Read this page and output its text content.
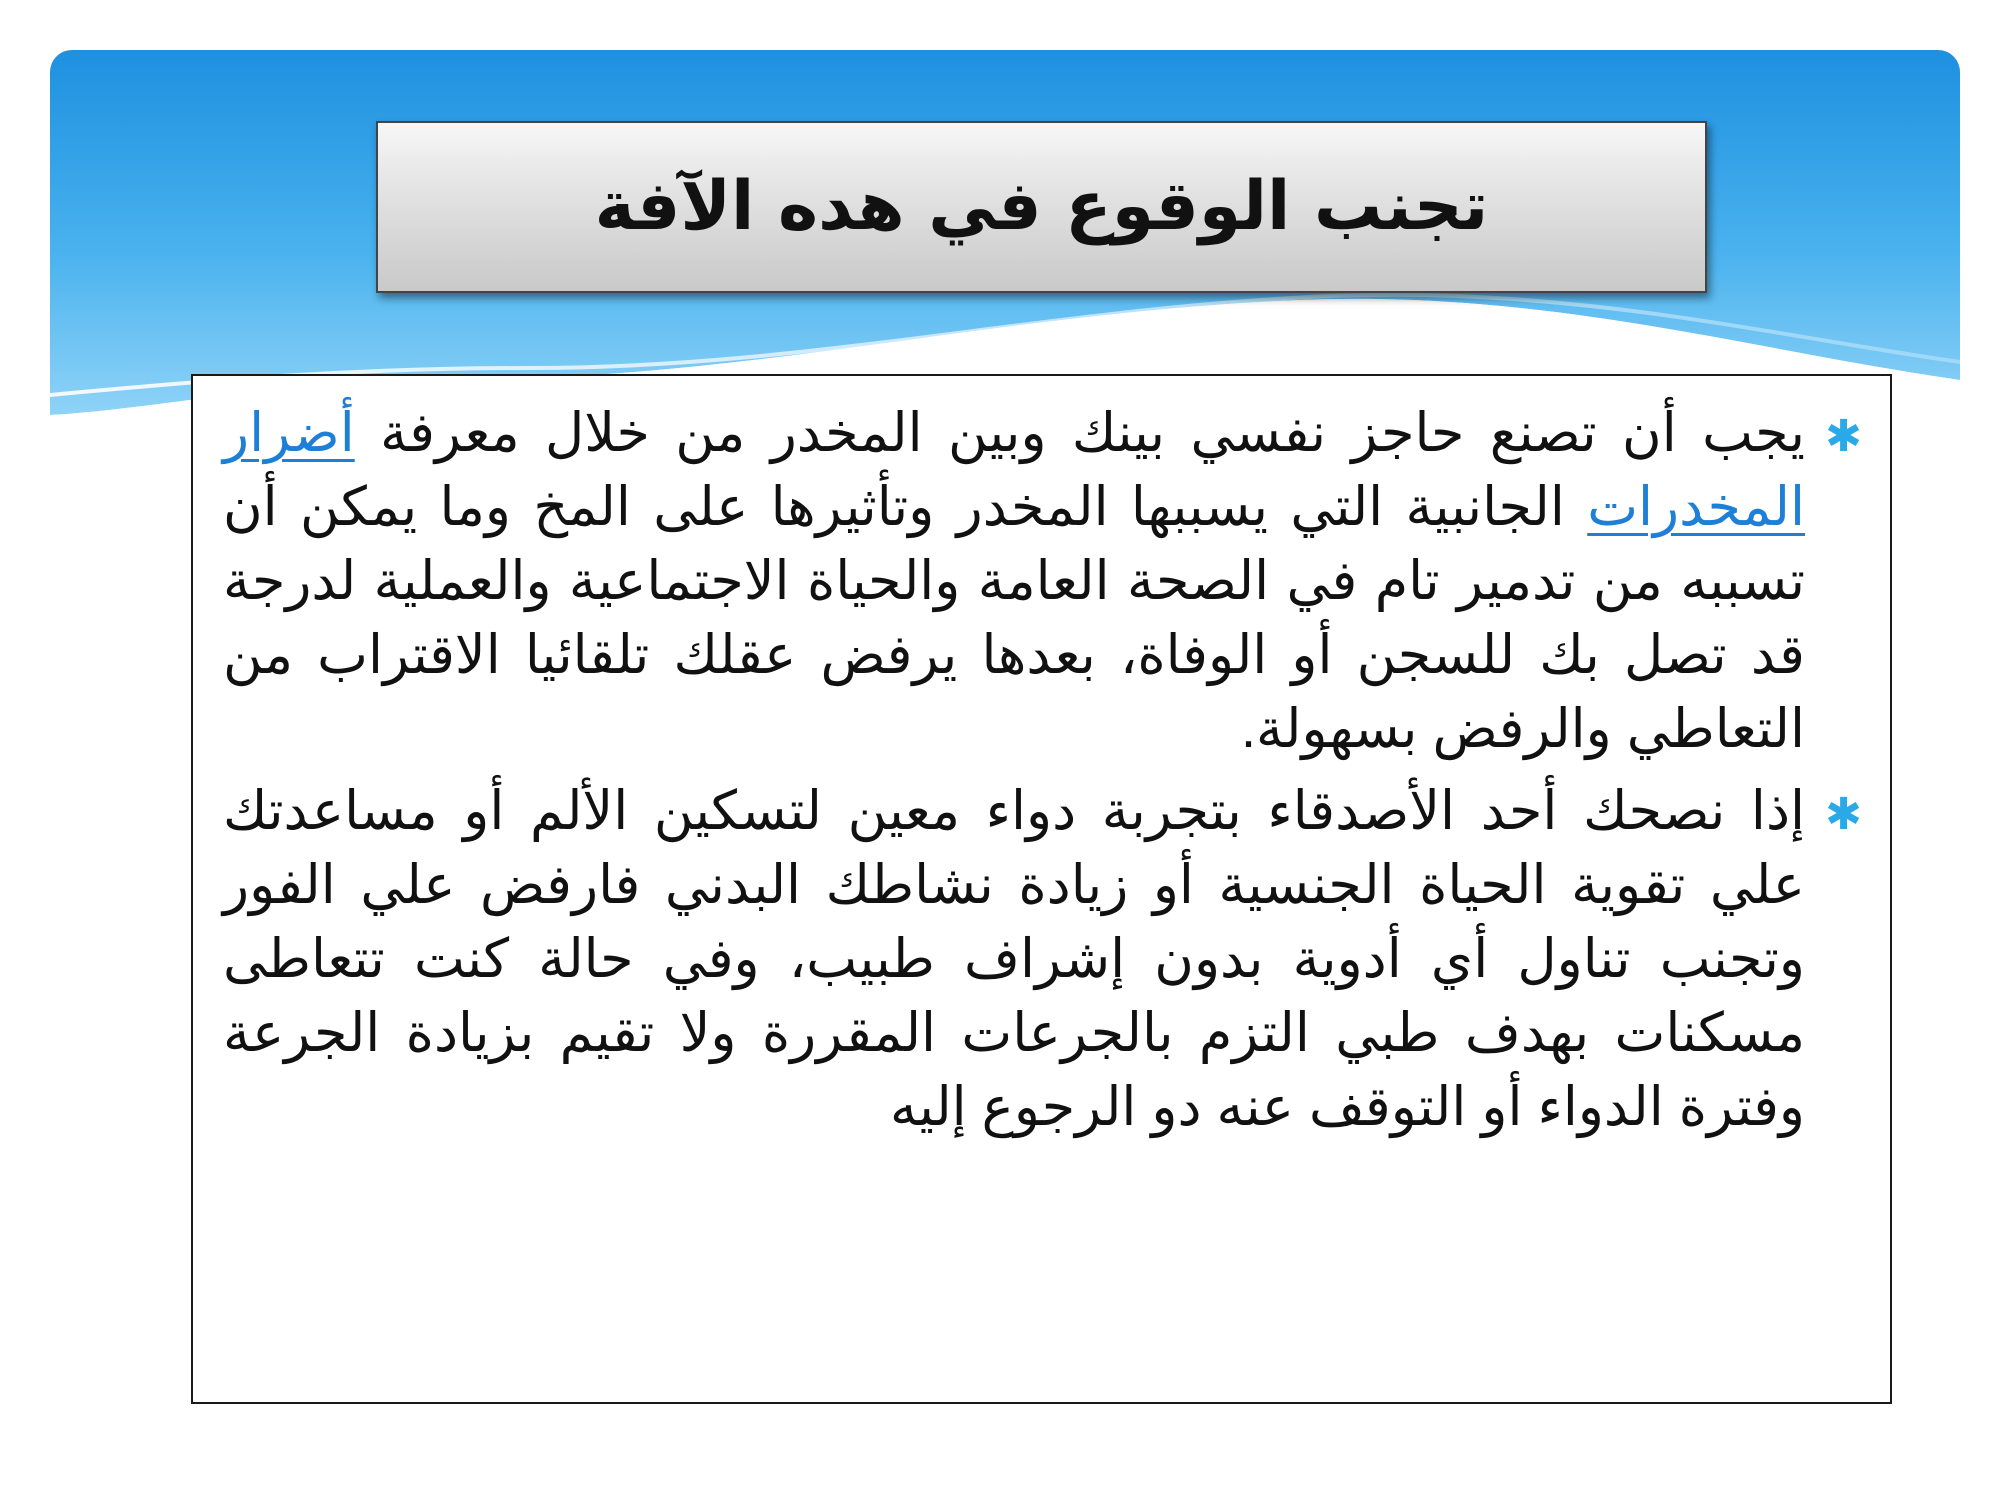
تجنب الوقوع في هده الآفة
✱
يجب أن تصنع حاجز نفسي بينك وبين المخدر من خلال معرفة أضرار المخدرات الجانبية التي يسببها المخدر وتأثيرها على المخ وما يمكن أن تسببه من تدمير تام في الصحة العامة والحياة الاجتماعية والعملية لدرجة قد تصل بك للسجن أو الوفاة، بعدها يرفض عقلك تلقائيا الاقتراب من التعاطي والرفض بسهولة.
✱
إذا نصحك أحد الأصدقاء بتجربة دواء معين لتسكين الألم أو مساعدتك علي تقوية الحياة الجنسية أو زيادة نشاطك البدني فارفض علي الفور وتجنب تناول أي أدوية بدون إشراف طبيب، وفي حالة كنت تتعاطى مسكنات بهدف طبي التزم بالجرعات المقررة ولا تقيم بزيادة الجرعة وفترة الدواء أو التوقف عنه دو الرجوع إليه
